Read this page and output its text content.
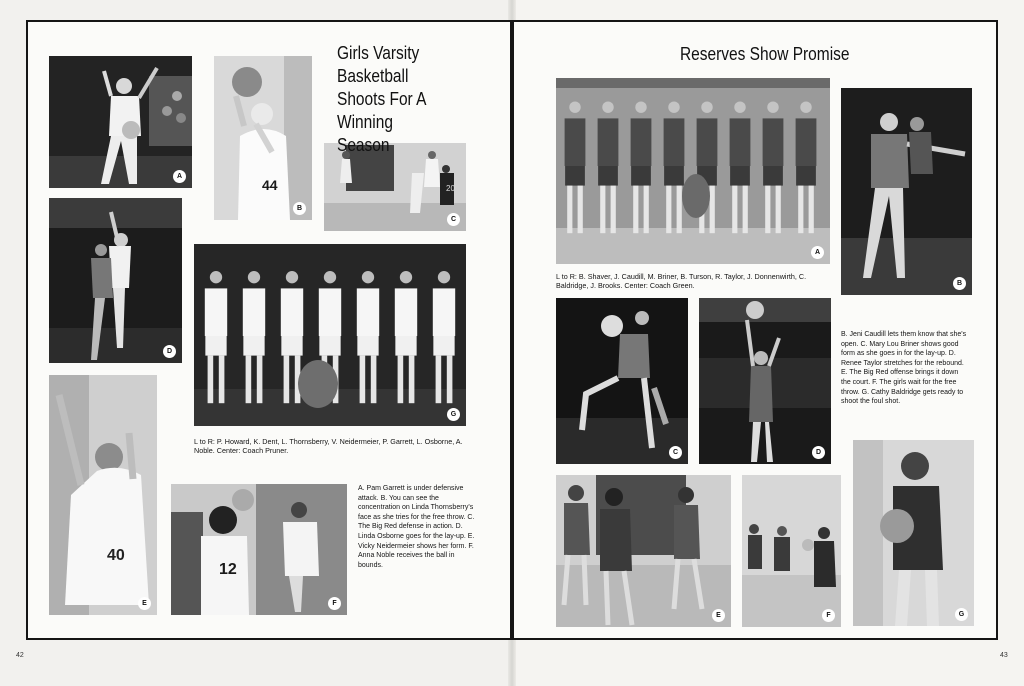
A
44
B
20
C
D
G
L to R: P. Howard, K. Dent, L. Thornsberry, V. Neidermeier, P. Garrett, L. Osborne, A. Noble. Center: Coach Pruner.
40
E
12
F
Girls Varsity
Basketball
Shoots For A
Winning Season
A. Pam Garrett is under defensive attack. B. You can see the concentration on Linda Thornsberry's face as she tries for the free throw. C. The Big Red defense in action. D. Linda Osborne goes for the lay-up. E. Vicky Neidermeier shows her form. F. Anna Noble receives the ball in bounds.
42
Reserves Show Promise
A
L to R: B. Shaver, J. Caudill, M. Briner, B. Turson, R. Taylor, J. Donnenwirth, C. Baldridge, J. Brooks. Center: Coach Green.	B
C	D
B. Jeni Caudill lets them know that she's open. C. Mary Lou Briner shows good form as she goes in for the lay-up. D. Renee Taylor stretches for the rebound. E. The Big Red offense brings it down the court. F. The girls wait for the free throw. G. Cathy Baldridge gets ready to shoot the foul shot.
E	F	G
43
